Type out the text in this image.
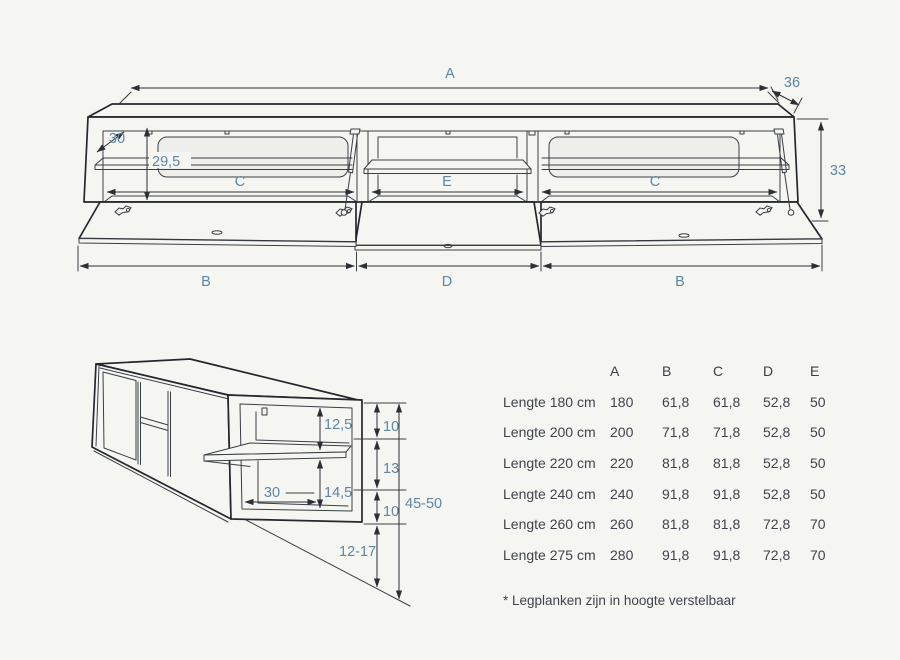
A
36
30
29,5
C	E	C
33
B	D	B
12,5
14,5
30
10
13
10
12-17
45-50
A	B	C	D	E
Lengte 180 cm	180	61,8	61,8	52,8	50
Lengte 200 cm	200	71,8	71,8	52,8	50
Lengte 220 cm	220	81,8	81,8	52,8	50
Lengte 240 cm	240	91,8	91,8	52,8	50
Lengte 260 cm	260	81,8	81,8	72,8	70
Lengte 275 cm	280	91,8	91,8	72,8	70
* Legplanken zijn in hoogte verstelbaar
